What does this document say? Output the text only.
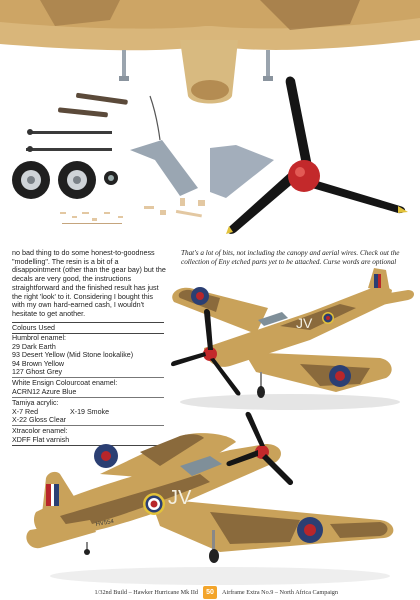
no bad thing to do some honest-to-goodness "modelling". The resin is a bit of a disappointment (other than the gear bay) but the decals are very good, the instructions straightforward and the finished result has just the right 'look' to it. Considering I bought this with my own hard-earned cash, I wouldn't hesitate to get another.
That's a lot of bits, not including the canopy and aerial wires. Check out the collection of Eny etched parts yet to be attached. Curse words are optional
Colours Used
Humbrol enamel:
29 Dark Earth
93 Desert Yellow (Mid Stone lookalike)
94 Brown Yellow
127 Ghost Grey
White Ensign Colourcoat enamel:
ACRN12 Azure Blue
Tamiya acrylic:
X-7 Red	X-19 Smoke
X-22 Gloss Clear
Xtracolor enamel:
XDFF Flat varnish
JV
JV
HV554
1/32nd Build – Hawker Hurricane Mk IId	50	Airframe Extra No.9 – North Africa Campaign
